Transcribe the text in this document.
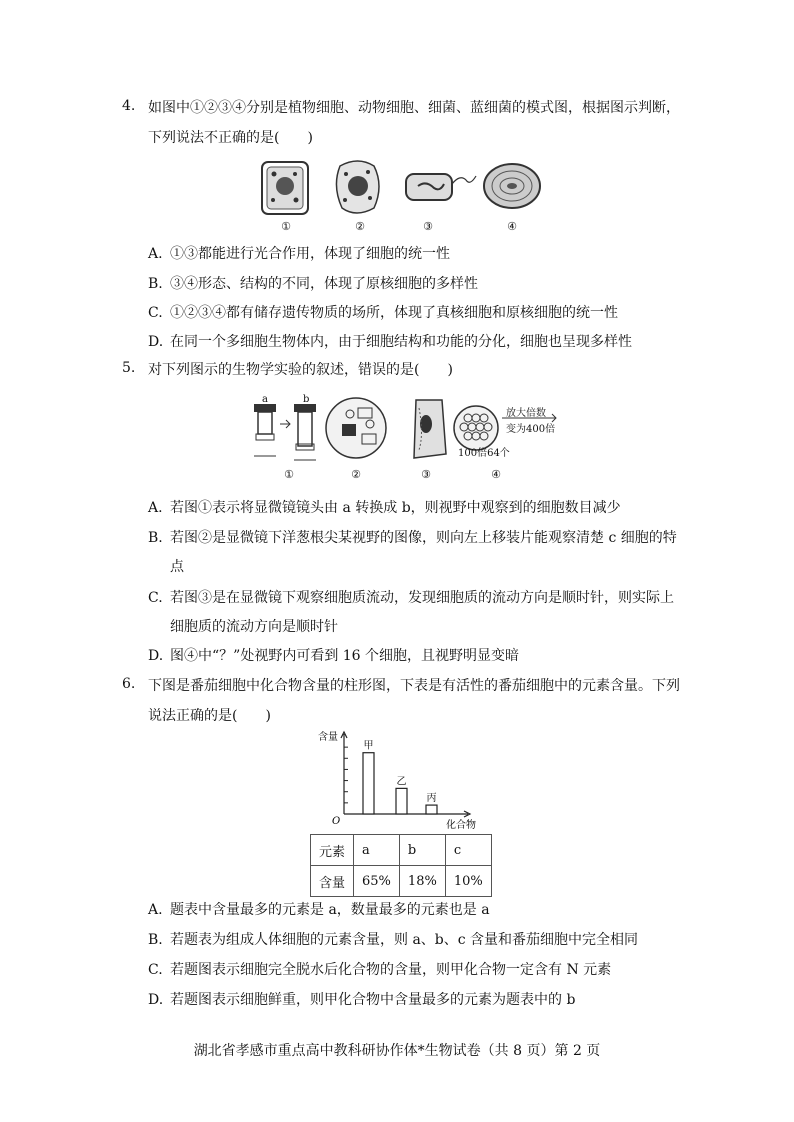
4. 如图中①②③④分别是植物细胞、动物细胞、细菌、蓝细菌的模式图，根据图示判断，
下列说法不正确的是(　　)
①	②	③	④
A. ①③都能进行光合作用，体现了细胞的统一性
B. ③④形态、结构的不同，体现了原核细胞的多样性
C. ①②③④都有储存遗传物质的场所，体现了真核细胞和原核细胞的统一性
D. 在同一个多细胞生物体内，由于细胞结构和功能的分化，细胞也呈现多样性
5. 对下列图示的生物学实验的叙述，错误的是(　　)
a	b
放大倍数
变为400倍
100倍64个
①	②	③	④
A. 若图①表示将显微镜镜头由 a 转换成 b，则视野中观察到的细胞数目减少
B. 若图②是显微镜下洋葱根尖某视野的图像，则向左上移装片能观察清楚 c 细胞的特
点
C. 若图③是在显微镜下观察细胞质流动，发现细胞质的流动方向是顺时针，则实际上
细胞质的流动方向是顺时针
D. 图④中“？”处视野内可看到 16 个细胞，且视野明显变暗
6. 下图是番茄细胞中化合物含量的柱形图，下表是有活性的番茄细胞中的元素含量。下列
说法正确的是(　　)
含量
化合物
O
甲
乙
丙
元素	a	b	c
含量	65%	18%	10%
A. 题表中含量最多的元素是 a，数量最多的元素也是 a
B. 若题表为组成人体细胞的元素含量，则 a、b、c 含量和番茄细胞中完全相同
C. 若题图表示细胞完全脱水后化合物的含量，则甲化合物一定含有 N 元素
D. 若题图表示细胞鲜重，则甲化合物中含量最多的元素为题表中的 b
湖北省孝感市重点高中教科研协作体*生物试卷（共 8 页）第 2 页
